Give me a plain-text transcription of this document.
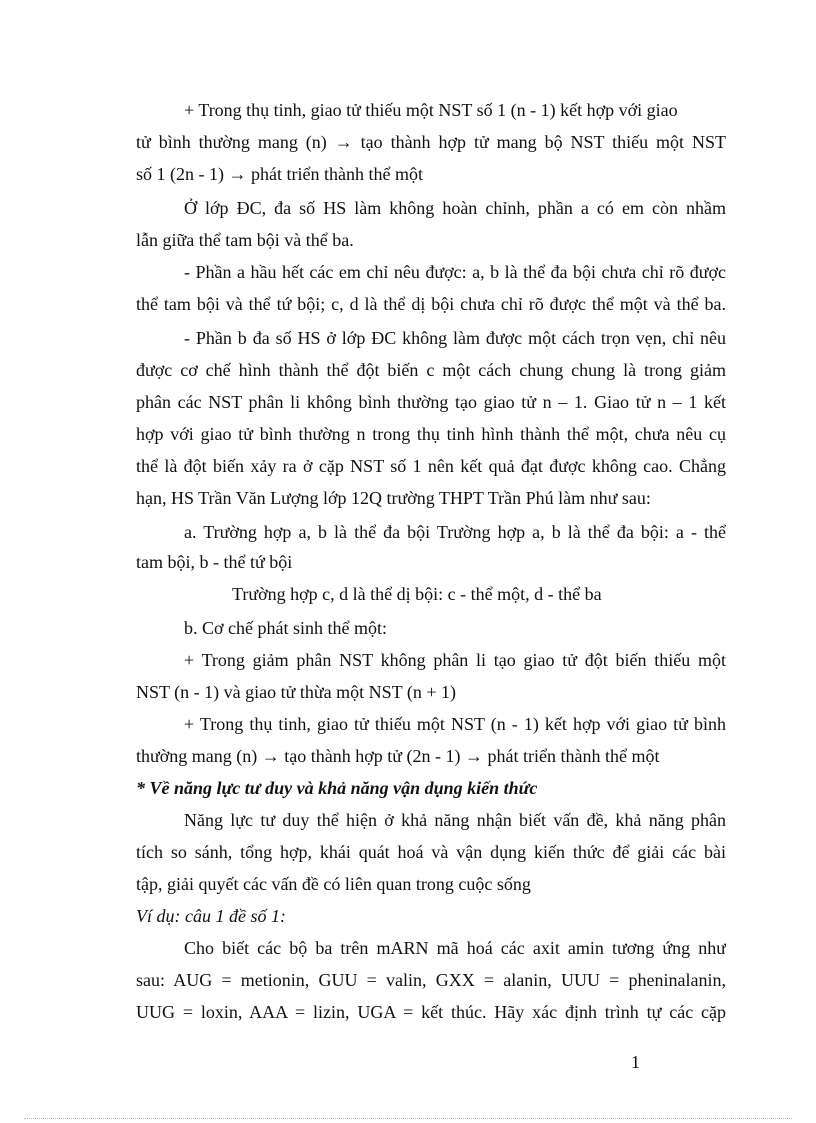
+ Trong thụ tinh, giao tử thiếu một NST số 1 (n - 1) kết hợp với giao
tử bình thường mang (n) → tạo thành hợp tử mang bộ NST thiếu một NST
số 1 (2n - 1) → phát triển thành thể một
Ở lớp ĐC, đa số HS làm không hoàn chỉnh, phần a có em còn nhầm
lẫn giữa thể tam bội và thể ba.
- Phần a hầu hết các em chỉ nêu được: a, b là thể đa bội chưa chỉ rõ được
thể tam bội và thể tứ bội; c, d là thể dị bội chưa chỉ rõ được thể một và thể ba.
- Phần b đa số HS ở lớp ĐC không làm được một cách trọn vẹn, chỉ nêu
được cơ chế hình thành thể đột biến c một cách chung chung là trong giảm
phân các NST phân li không bình thường tạo giao tử n – 1. Giao tử n – 1 kết
hợp với giao tử bình thường n trong thụ tinh hình thành thể một, chưa nêu cụ
thể là đột biến xảy ra ở cặp NST số 1 nên kết quả đạt được không cao. Chẳng
hạn, HS Trần Văn Lượng lớp 12Q trường THPT Trần Phú làm như sau:
a. Trường hợp a, b là thể đa bội Trường hợp a, b là thể đa bội: a - thể
tam bội, b - thể tứ bội
Trường hợp c, d là thể dị bội: c - thể một, d - thể ba
b. Cơ chế phát sinh thể một:
+ Trong giảm phân NST không phân li tạo giao tử đột biến thiếu một
NST (n - 1) và giao tử thừa một NST (n + 1)
+ Trong thụ tinh, giao tử thiếu một NST (n - 1) kết hợp với giao tử bình
thường mang (n) → tạo thành hợp tử (2n - 1) → phát triển thành thể một
* Về năng lực tư duy và khả năng vận dụng kiến thức
Năng lực tư duy thể hiện ở khả năng nhận biết vấn đề, khả năng phân
tích so sánh, tổng hợp, khái quát hoá và vận dụng kiến thức để giải các bài
tập, giải quyết các vấn đề có liên quan trong cuộc sống
Ví dụ: câu 1 đề số 1:
Cho biết các bộ ba trên mARN mã hoá các axit amin tương ứng như
sau: AUG = metionin, GUU = valin, GXX = alanin, UUU = pheninalanin,
UUG = loxin, AAA = lizin, UGA = kết thúc. Hãy xác định trình tự các cặp
1
